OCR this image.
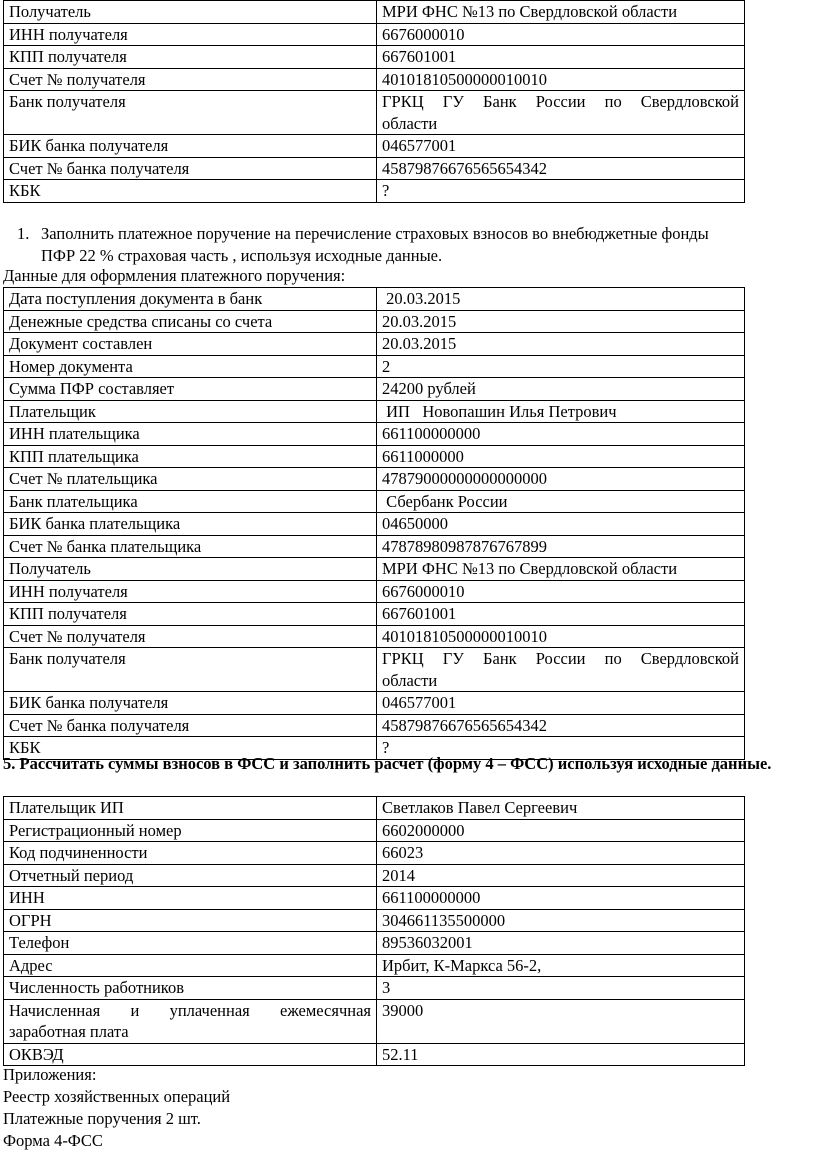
Получатель	МРИ ФНС №13 по Свердловской области
ИНН получателя	6676000010
КПП получателя	667601001
Счет № получателя	40101810500000010010
Банк получателя	ГРКЦ ГУ Банк России по Свердловской
области

БИК банка получателя	046577001
Счет № банка получателя	45879876676565654342
КБК	?
1. Заполнить платежное поручение на перечисление страховых взносов во внебюджетные фонды
ПФР 22 % страховая часть , используя исходные данные.
Данные для оформления платежного поручения:
Дата поступления документа в банк	20.03.2015
Денежные средства списаны со счета	20.03.2015
Документ составлен	20.03.2015
Номер документа	2
Сумма ПФР составляет	24200 рублей
Плательщик	ИП   Новопашин Илья Петрович
ИНН плательщика	661100000000
КПП плательщика	6611000000
Счет № плательщика	47879000000000000000
Банк плательщика	Сбербанк России
БИК банка плательщика	04650000
Счет № банка плательщика	47878980987876767899
Получатель	МРИ ФНС №13 по Свердловской области
ИНН получателя	6676000010
КПП получателя	667601001
Счет № получателя	40101810500000010010
Банк получателя	ГРКЦ ГУ Банк России по Свердловской
области

БИК банка получателя	046577001
Счет № банка получателя	45879876676565654342
КБК	?
5. Рассчитать суммы взносов в ФСС и заполнить расчет (форму 4 – ФСС) используя исходные данные.
Плательщик ИП	Светлаков Павел Сергеевич
Регистрационный номер	6602000000
Код подчиненности	66023
Отчетный период	2014
ИНН	661100000000
ОГРН	304661135500000
Телефон	89536032001
Адрес	Ирбит, К-Маркса 56-2,
Численность работников	3

Начисленная и уплаченная ежемесячная
заработная плата	39000
ОКВЭД	52.11
Приложения:
Реестр хозяйственных операций
Платежные поручения 2 шт.
Форма 4-ФСС
